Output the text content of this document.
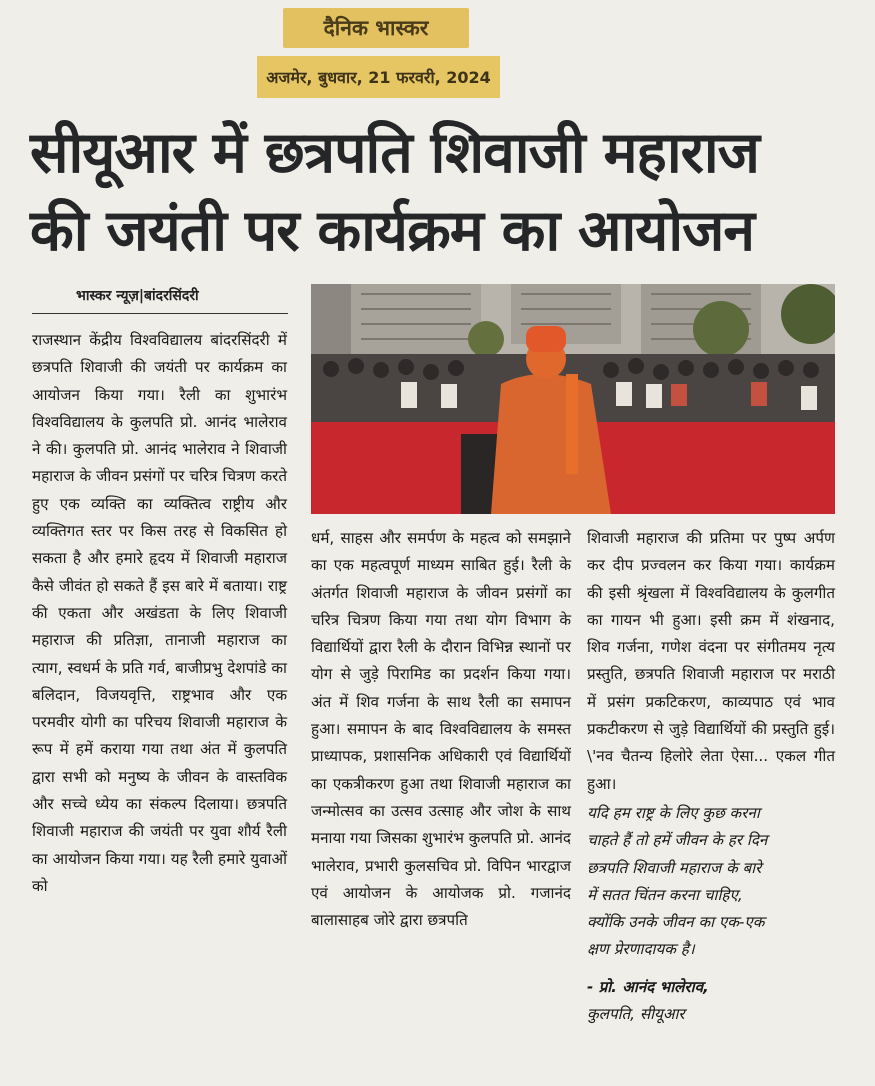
दैनिक भास्कर
अजमेर, बुधवार, 21 फरवरी, 2024
सीयूआर में छत्रपति शिवाजी महाराज
की जयंती पर कार्यक्रम का आयोजन
भास्कर न्यूज़|बांदरसिंदरी

राजस्थान केंद्रीय विश्वविद्यालय बांदरसिंदरी में छत्रपति शिवाजी की जयंती पर कार्यक्रम का आयोजन किया गया। रैली का शुभारंभ विश्वविद्यालय के कुलपति प्रो. आनंद भालेराव ने की। कुलपति प्रो. आनंद भालेराव ने शिवाजी महाराज के जीवन प्रसंगों पर चरित्र चित्रण करते हुए एक व्यक्ति का व्यक्तित्व राष्ट्रीय और व्यक्तिगत स्तर पर किस तरह से विकसित हो सकता है और हमारे हृदय में शिवाजी महाराज कैसे जीवंत हो सकते हैं इस बारे में बताया। राष्ट्र की एकता और अखंडता के लिए शिवाजी महाराज की प्रतिज्ञा, तानाजी महाराज का त्याग, स्वधर्म के प्रति गर्व, बाजीप्रभु देशपांडे का बलिदान, विजयवृत्ति, राष्ट्रभाव और एक परमवीर योगी का परिचय शिवाजी महाराज के रूप में हमें कराया गया तथा अंत में कुलपति द्वारा सभी को मनुष्य के जीवन के वास्तविक और सच्चे ध्येय का संकल्प दिलाया। छत्रपति शिवाजी महाराज की जयंती पर युवा शौर्य रैली का आयोजन किया गया। यह रैली हमारे युवाओं को

धर्म, साहस और समर्पण के महत्व को समझाने का एक महत्वपूर्ण माध्यम साबित हुई। रैली के अंतर्गत शिवाजी महाराज के जीवन प्रसंगों का चरित्र चित्रण किया गया तथा योग विभाग के विद्यार्थियों द्वारा रैली के दौरान विभिन्न स्थानों पर योग से जुड़े पिरामिड का प्रदर्शन किया गया। अंत में शिव गर्जना के साथ रैली का समापन हुआ। समापन के बाद विश्वविद्यालय के समस्त प्राध्यापक, प्रशासनिक अधिकारी एवं विद्यार्थियों का एकत्रीकरण हुआ तथा शिवाजी महाराज का जन्मोत्सव का उत्सव उत्साह और जोश के साथ मनाया गया जिसका शुभारंभ कुलपति प्रो. आनंद भालेराव, प्रभारी कुलसचिव प्रो. विपिन भारद्वाज एवं आयोजन के आयोजक प्रो. गजानंद बालासाहब जोरे द्वारा छत्रपति

शिवाजी महाराज की प्रतिमा पर पुष्प अर्पण कर दीप प्रज्वलन कर किया गया। कार्यक्रम की इसी श्रृंखला में विश्वविद्यालय के कुलगीत का गायन भी हुआ। इसी क्रम में शंखनाद, शिव गर्जना, गणेश वंदना पर संगीतमय नृत्य प्रस्तुति, छत्रपति शिवाजी महाराज पर मराठी में प्रसंग प्रकटिकरण, काव्यपाठ एवं भाव प्रकटीकरण से जुड़े विद्यार्थियों की प्रस्तुति हुई। \'नव चैतन्य हिलोरे लेता ऐसा... एकल गीत हुआ।

यदि हम राष्ट्र के लिए कुछ करना
चाहते हैं तो हमें जीवन के हर दिन
छत्रपति शिवाजी महाराज के बारे
में सतत चिंतन करना चाहिए,
क्योंकि उनके जीवन का एक-एक
क्षण प्रेरणादायक है।
- प्रो. आनंद भालेराव,
कुलपति, सीयूआर
